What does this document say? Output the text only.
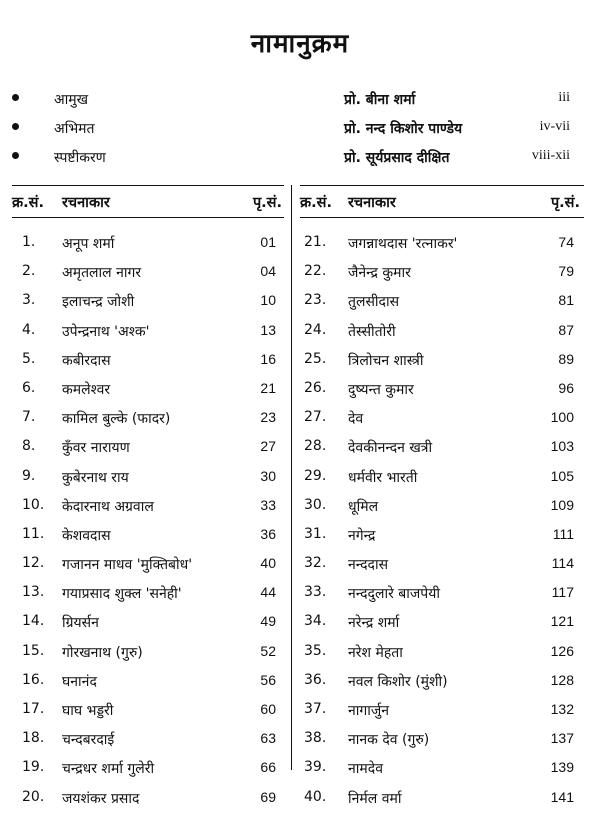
नामानुक्रम
आमुख	प्रो. बीना शर्मा	iii
अभिमत	प्रो. नन्द किशोर पाण्डेय	iv-vii
स्पष्टीकरण	प्रो. सूर्यप्रसाद दीक्षित	viii-xii
क्र.सं. रचनाकार	पृ.सं.
1. अनूप शर्मा	01
2. अमृतलाल नागर	04
3. इलाचन्द्र जोशी	10
4. उपेन्द्रनाथ 'अश्क'	13
5. कबीरदास	16
6. कमलेश्वर	21
7. कामिल बुल्के (फादर)	23
8. कुँवर नारायण	27
9. कुबेरनाथ राय	30
10. केदारनाथ अग्रवाल	33
11. केशवदास	36
12. गजानन माधव 'मुक्तिबोध'	40
13. गयाप्रसाद शुक्ल 'सनेही'	44
14. ग्रियर्सन	49
15. गोरखनाथ (गुरु)	52
16. घनानंद	56
17. घाघ भड्डरी	60
18. चन्दबरदाई	63
19. चन्द्रधर शर्मा गुलेरी	66
20. जयशंकर प्रसाद	69
क्र.सं. रचनाकार	पृ.सं.
21. जगन्नाथदास 'रत्नाकर'	74
22. जैनेन्द्र कुमार	79
23. तुलसीदास	81
24. तेस्सीतोरी	87
25. त्रिलोचन शास्त्री	89
26. दुष्यन्त कुमार	96
27. देव	100
28. देवकीनन्दन खत्री	103
29. धर्मवीर भारती	105
30. धूमिल	109
31. नगेन्द्र	111
32. नन्ददास	114
33. नन्ददुलारे बाजपेयी	117
34. नरेन्द्र शर्मा	121
35. नरेश मेहता	126
36. नवल किशोर (मुंशी)	128
37. नागार्जुन	132
38. नानक देव (गुरु)	137
39. नामदेव	139
40. निर्मल वर्मा	141
